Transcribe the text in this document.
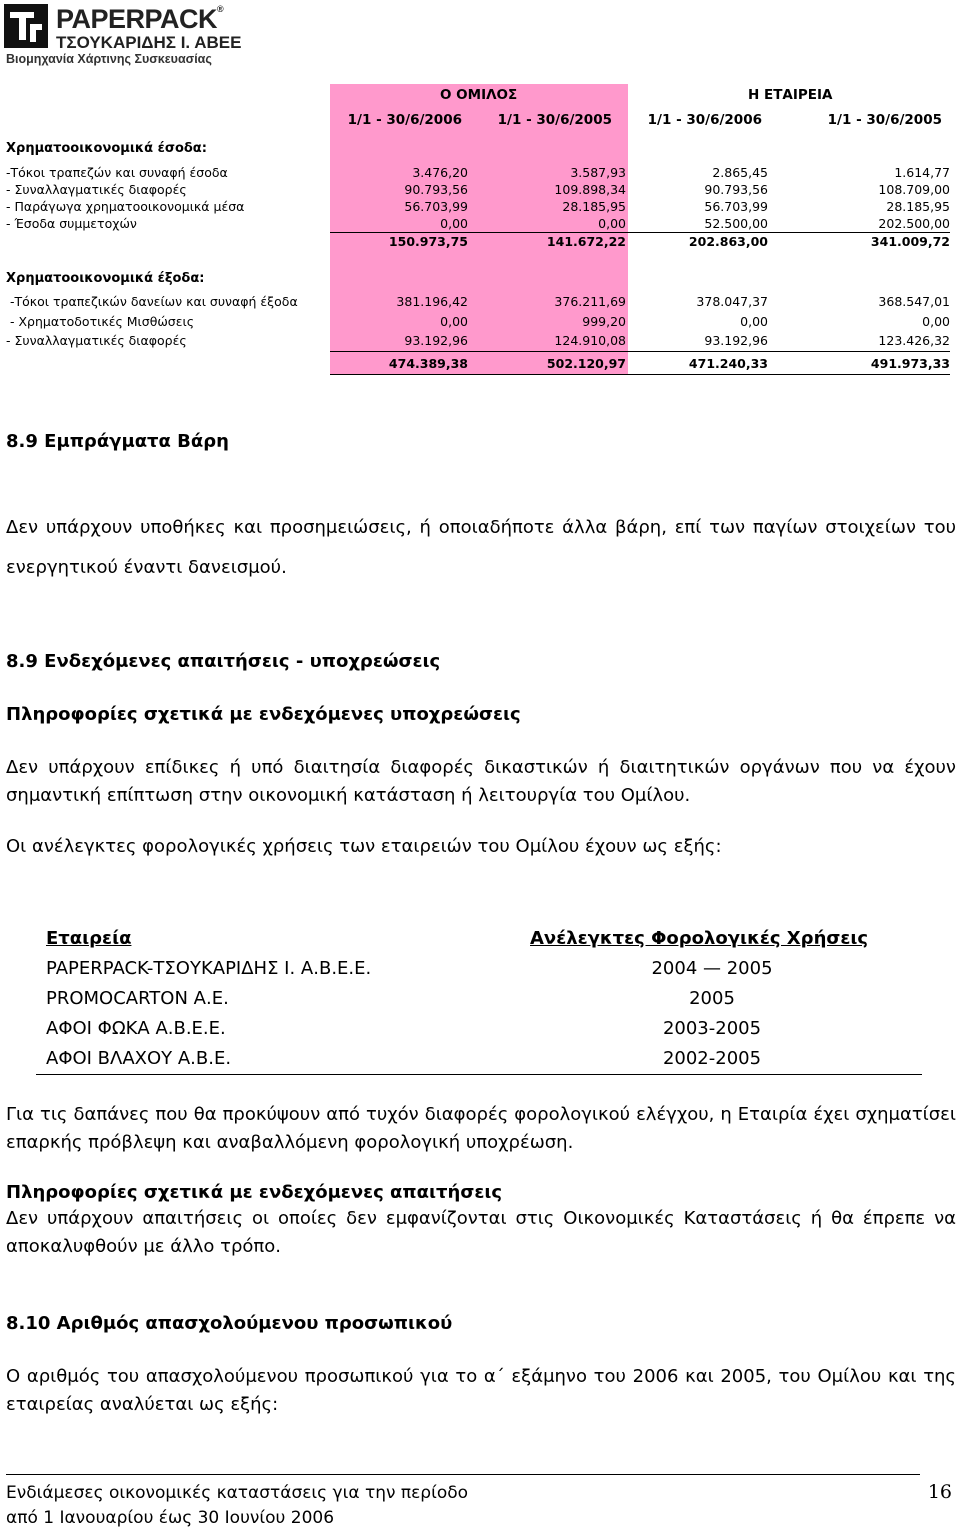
PAPERPACK®
ΤΣΟΥΚΑΡΙΔΗΣ Ι. ΑΒΕΕ
Βιομηχανία Χάρτινης Συσκευασίας
Ο ΟΜΙΛΟΣ	Η ΕΤΑΙΡΕΙΑ
1/1 - 30/6/2006	1/1 - 30/6/2005	1/1 - 30/6/2006	1/1 - 30/6/2005
Χρηματοοικονομικά έσοδα:
-Τόκοι τραπεζών και συναφή έσοδα	3.476,20	3.587,93	2.865,45	1.614,77
- Συναλλαγματικές διαφορές	90.793,56	109.898,34	90.793,56	108.709,00
- Παράγωγα χρηματοοικονομικά μέσα	56.703,99	28.185,95	56.703,99	28.185,95
- Έσοδα συμμετοχών	0,00	0,00	52.500,00	202.500,00
150.973,75	141.672,22	202.863,00	341.009,72
Χρηματοοικονομικά έξοδα:
-Τόκοι τραπεζικών δανείων και συναφή έξοδα	381.196,42	376.211,69	378.047,37	368.547,01
- Χρηματοδοτικές Μισθώσεις	0,00	999,20	0,00	0,00
- Συναλλαγματικές διαφορές	93.192,96	124.910,08	93.192,96	123.426,32
474.389,38	502.120,97	471.240,33	491.973,33
8.9 Εμπράγματα Βάρη
Δεν υπάρχουν υποθήκες και προσημειώσεις, ή οποιαδήποτε άλλα βάρη, επί των παγίων στοιχείων του ενεργητικού έναντι δανεισμού.
8.9 Ενδεχόμενες απαιτήσεις - υποχρεώσεις
Πληροφορίες σχετικά με ενδεχόμενες υποχρεώσεις
Δεν υπάρχουν επίδικες ή υπό διαιτησία διαφορές δικαστικών ή διαιτητικών οργάνων που να έχουν σημαντική επίπτωση στην οικονομική κατάσταση ή λειτουργία του Ομίλου.
Οι ανέλεγκτες φορολογικές χρήσεις των εταιρειών του Ομίλου έχουν ως εξής:
Εταιρεία	Ανέλεγκτες Φορολογικές Χρήσεις
PAPERPACK-ΤΣΟΥΚΑΡΙΔΗΣ Ι. Α.Β.Ε.Ε.	2004 — 2005
PROMOCARTON Α.Ε.	2005
ΑΦΟΙ ΦΩΚΑ Α.Β.Ε.Ε.	2003-2005
ΑΦΟΙ ΒΛΑΧΟΥ Α.Β.Ε.	2002-2005
Για τις δαπάνες που θα προκύψουν από τυχόν διαφορές φορολογικού ελέγχου, η Εταιρία έχει σχηματίσει επαρκής πρόβλεψη και αναβαλλόμενη φορολογική υποχρέωση.
Πληροφορίες σχετικά με ενδεχόμενες απαιτήσεις
Δεν υπάρχουν απαιτήσεις οι οποίες δεν εμφανίζονται στις Οικονομικές Καταστάσεις ή θα έπρεπε να αποκαλυφθούν με άλλο τρόπο.
8.10 Αριθμός απασχολούμενου προσωπικού
Ο αριθμός του απασχολούμενου προσωπικού για το α΄ εξάμηνο του 2006 και 2005, του Ομίλου και της εταιρείας αναλύεται ως εξής:
Ενδιάμεσες οικονομικές καταστάσεις για την περίοδο
από 1 Ιανουαρίου έως 30 Ιουνίου 2006
16
